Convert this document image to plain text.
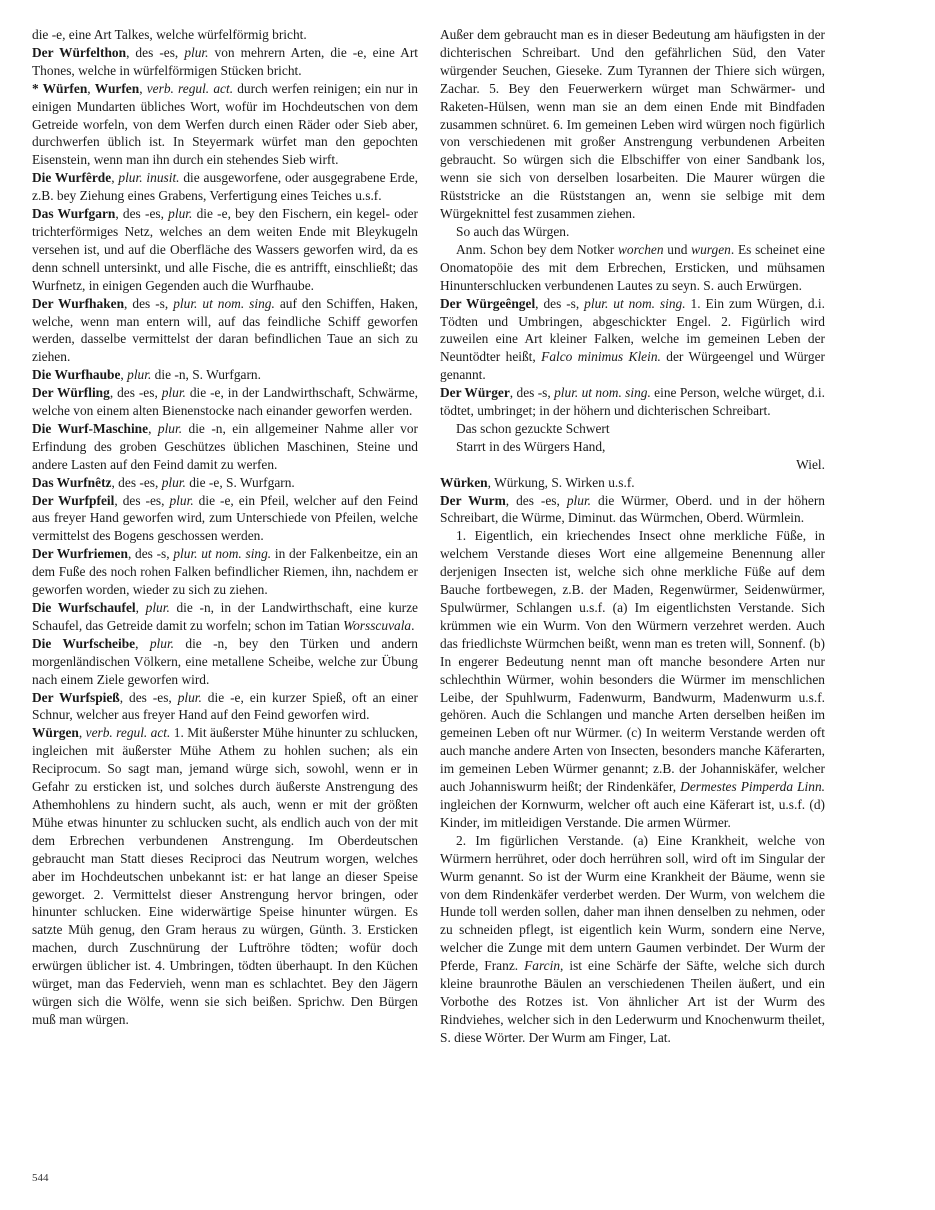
die -e, eine Art Talkes, welche würfelförmig bricht.

Der Würfelthon, des -es, plur. von mehrern Arten, die -e, eine Art Thones, welche in würfelförmigen Stücken bricht.

* Würfen, Wurfen, verb. regul. act. durch werfen reinigen; ein nur in einigen Mundarten übliches Wort, wofür im Hochdeutschen von dem Getreide worfeln, von dem Werfen durch einen Räder oder Sieb aber, durchwerfen üblich ist. In Steyermark würfet man den gepochten Eisenstein, wenn man ihn durch ein stehendes Sieb wirft.

Die Wurfêrde, plur. inusit. die ausgeworfene, oder ausgegrabene Erde, z.B. bey Ziehung eines Grabens, Verfertigung eines Teiches u.s.f.

Das Wurfgarn, des -es, plur. die -e, bey den Fischern, ein kegel- oder trichterförmiges Netz, welches an dem weiten Ende mit Bleykugeln versehen ist, und auf die Oberfläche des Wassers geworfen wird, da es denn schnell untersinkt, und alle Fische, die es antrifft, einschließt; das Wurfnetz, in einigen Gegenden auch die Wurfhaube.

Der Wurfhaken, des -s, plur. ut nom. sing. auf den Schiffen, Haken, welche, wenn man entern will, auf das feindliche Schiff geworfen werden, dasselbe vermittelst der daran befindlichen Taue an sich zu ziehen.

Die Wurfhaube, plur. die -n, S. Wurfgarn.

Der Würfling, des -es, plur. die -e, in der Landwirthschaft, Schwärme, welche von einem alten Bienenstocke nach einander geworfen werden.

Die Wurf-Maschine, plur. die -n, ein allgemeiner Nahme aller vor Erfindung des groben Geschützes üblichen Maschinen, Steine und andere Lasten auf den Feind damit zu werfen.

Das Wurfnêtz, des -es, plur. die -e, S. Wurfgarn.

Der Wurfpfeil, des -es, plur. die -e, ein Pfeil, welcher auf den Feind aus freyer Hand geworfen wird, zum Unterschiede von Pfeilen, welche vermittelst des Bogens geschossen werden.

Der Wurfriemen, des -s, plur. ut nom. sing. in der Falkenbeitze, ein an dem Fuße des noch rohen Falken befindlicher Riemen, ihn, nachdem er geworfen worden, wieder zu sich zu ziehen.

Die Wurfschaufel, plur. die -n, in der Landwirthschaft, eine kurze Schaufel, das Getreide damit zu worfeln; schon im Tatian Worsscuvala.

Die Wurfscheibe, plur. die -n, bey den Türken und andern morgenländischen Völkern, eine metallene Scheibe, welche zur Übung nach einem Ziele geworfen wird.

Der Wurfspieß, des -es, plur. die -e, ein kurzer Spieß, oft an einer Schnur, welcher aus freyer Hand auf den Feind geworfen wird.

Würgen, verb. regul. act. 1. Mit äußerster Mühe hinunter zu schlucken, ingleichen mit äußerster Mühe Athem zu hohlen suchen; als ein Reciprocum. So sagt man, jemand würge sich, sowohl, wenn er in Gefahr zu ersticken ist, und solches durch äußerste Anstrengung des Athemhohlens zu hindern sucht, als auch, wenn er mit der größten Mühe etwas hinunter zu schlucken sucht, als endlich auch von der mit dem Erbrechen verbundenen Anstrengung. Im Oberdeutschen gebraucht man Statt dieses Reciproci das Neutrum worgen, welches aber im Hochdeutschen unbekannt ist: er hat lange an dieser Speise geworget. 2. Vermittelst dieser Anstrengung hervor bringen, oder hinunter schlucken. Eine widerwärtige Speise hinunter würgen. Es satzte Müh genug, den Gram heraus zu würgen, Günth. 3. Ersticken machen, durch Zuschnürung der Luftröhre tödten; wofür doch erwürgen üblicher ist. 4. Umbringen, tödten überhaupt. In den Küchen würget, man das Federvieh, wenn man es schlachtet. Bey den Jägern würgen sich die Wölfe, wenn sie sich beißen. Sprichw. Den Bürgen muß man würgen.

Außer dem gebraucht man es in dieser Bedeutung am häufigsten in der dichterischen Schreibart. Und den gefährlichen Süd, den Vater würgender Seuchen, Gieseke. Zum Tyrannen der Thiere sich würgen, Zachar. 5. Bey den Feuerwerkern würget man Schwärmer- und Raketen-Hülsen, wenn man sie an dem einen Ende mit Bindfaden zusammen schnüret. 6. Im gemeinen Leben wird würgen noch figürlich von verschiedenen mit großer Anstrengung verbundenen Arbeiten gebraucht. So würgen sich die Elbschiffer von einer Sandbank los, wenn sie sich von derselben losarbeiten. Die Maurer würgen die Rüststricke an die Rüststangen an, wenn sie selbige mit dem Würgeknittel fest zusammen ziehen.

So auch das Würgen.

Anm. Schon bey dem Notker worchen und wurgen. Es scheinet eine Onomatopöie des mit dem Erbrechen, Ersticken, und mühsamen Hinunterschlucken verbundenen Lautes zu seyn. S. auch Erwürgen.

Der Würgeêngel, des -s, plur. ut nom. sing. 1. Ein zum Würgen, d.i. Tödten und Umbringen, abgeschickter Engel. 2. Figürlich wird zuweilen eine Art kleiner Falken, welche im gemeinen Leben der Neuntödter heißt, Falco minimus Klein. der Würgeengel und Würger genannt.

Der Würger, des -s, plur. ut nom. sing. eine Person, welche würget, d.i. tödtet, umbringet; in der höhern und dichterischen Schreibart.

Das schon gezuckte Schwert

Starrt in des Würgers Hand,

Wiel.

Würken, Würkung, S. Wirken u.s.f.

Der Wurm, des -es, plur. die Würmer, Oberd. und in der höhern Schreibart, die Würme, Diminut. das Würmchen, Oberd. Würmlein.

1. Eigentlich, ein kriechendes Insect ohne merkliche Füße, in welchem Verstande dieses Wort eine allgemeine Benennung aller derjenigen Insecten ist, welche sich ohne merkliche Füße auf dem Bauche fortbewegen, z.B. der Maden, Regenwürmer, Seidenwürmer, Spulwürmer, Schlangen u.s.f. (a) Im eigentlichsten Verstande. Sich krümmen wie ein Wurm. Von den Würmern verzehret werden. Auch das friedlichste Würmchen beißt, wenn man es treten will, Sonnenf. (b) In engerer Bedeutung nennt man oft manche besondere Arten nur schlechthin Würmer, wohin besonders die Würmer im menschlichen Leibe, der Spuhlwurm, Fadenwurm, Bandwurm, Madenwurm u.s.f. gehören. Auch die Schlangen und manche Arten derselben heißen im gemeinen Leben oft nur Würmer. (c) In weiterm Verstande werden oft auch manche andere Arten von Insecten, besonders manche Käferarten, im gemeinen Leben Würmer genannt; z.B. der Johanniskäfer, welcher auch Johanniswurm heißt; der Rindenkäfer, Dermestes Pimperda Linn. ingleichen der Kornwurm, welcher oft auch eine Käferart ist, u.s.f. (d) Kinder, im mitleidigen Verstande. Die armen Würmer.

2. Im figürlichen Verstande. (a) Eine Krankheit, welche von Würmern herrühret, oder doch herrühren soll, wird oft im Singular der Wurm genannt. So ist der Wurm eine Krankheit der Bäume, wenn sie von dem Rindenkäfer verderbet werden. Der Wurm, von welchem die Hunde toll werden sollen, daher man ihnen denselben zu nehmen, oder zu schneiden pflegt, ist eigentlich kein Wurm, sondern eine Nerve, welcher die Zunge mit dem untern Gaumen verbindet. Der Wurm der Pferde, Franz. Farcin, ist eine Schärfe der Säfte, welche sich durch kleine braunrothe Bäulen an verschiedenen Theilen äußert, und ein Vorbothe des Rotzes ist. Von ähnlicher Art ist der Wurm des Rindviehes, welcher sich in den Lederwurm und Knochenwurm theilet, S. diese Wörter. Der Wurm am Finger, Lat.

544
